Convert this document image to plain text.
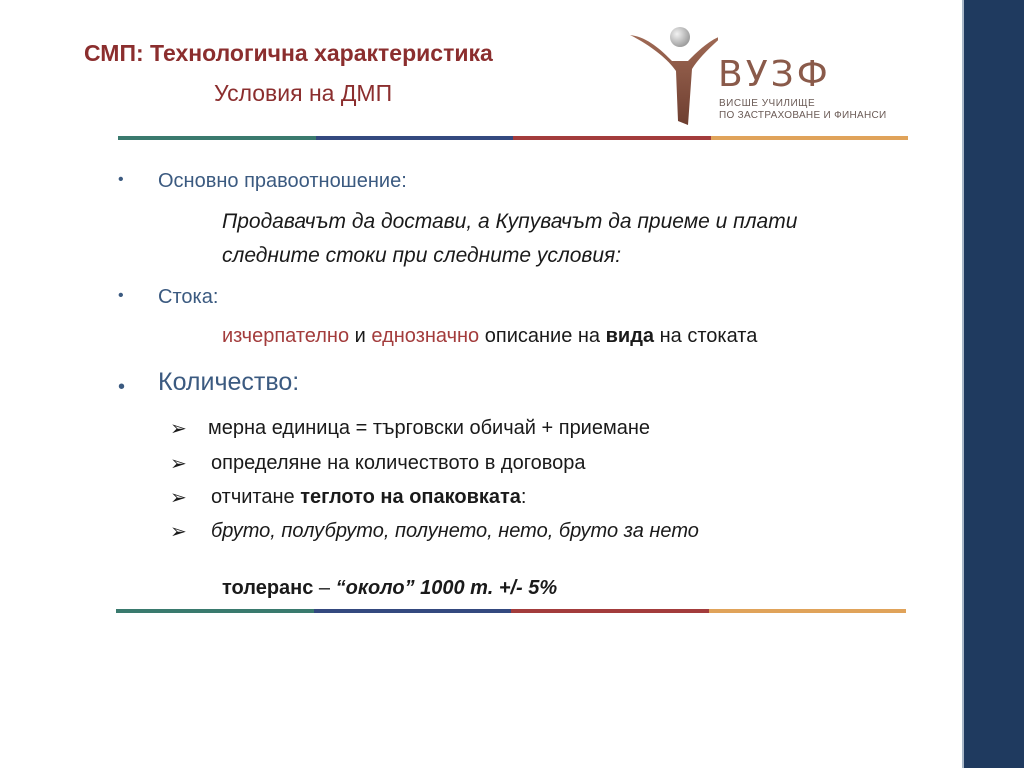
СМП: Технологична характеристика
Условия на ДМП	ВУЗФ
ВИСШЕ УЧИЛИЩЕ
ПО ЗАСТРАХОВАНЕ И ФИНАНСИ
• Основно правоотношение:
Продавачът да достави, а Купувачът да приеме и плати
следните стоки при следните условия:
• Стока:
изчерпателно и еднозначно описание на вида на стоката
• Количество:
➢ мерна единица = търговски обичай + приемане
➢ определяне на количеството в договора
➢ отчитане теглото на опаковката:
➢ бруто, полубруто, полунето, нето, бруто за нето
толеранс – “около” 1000 т. +/- 5%
